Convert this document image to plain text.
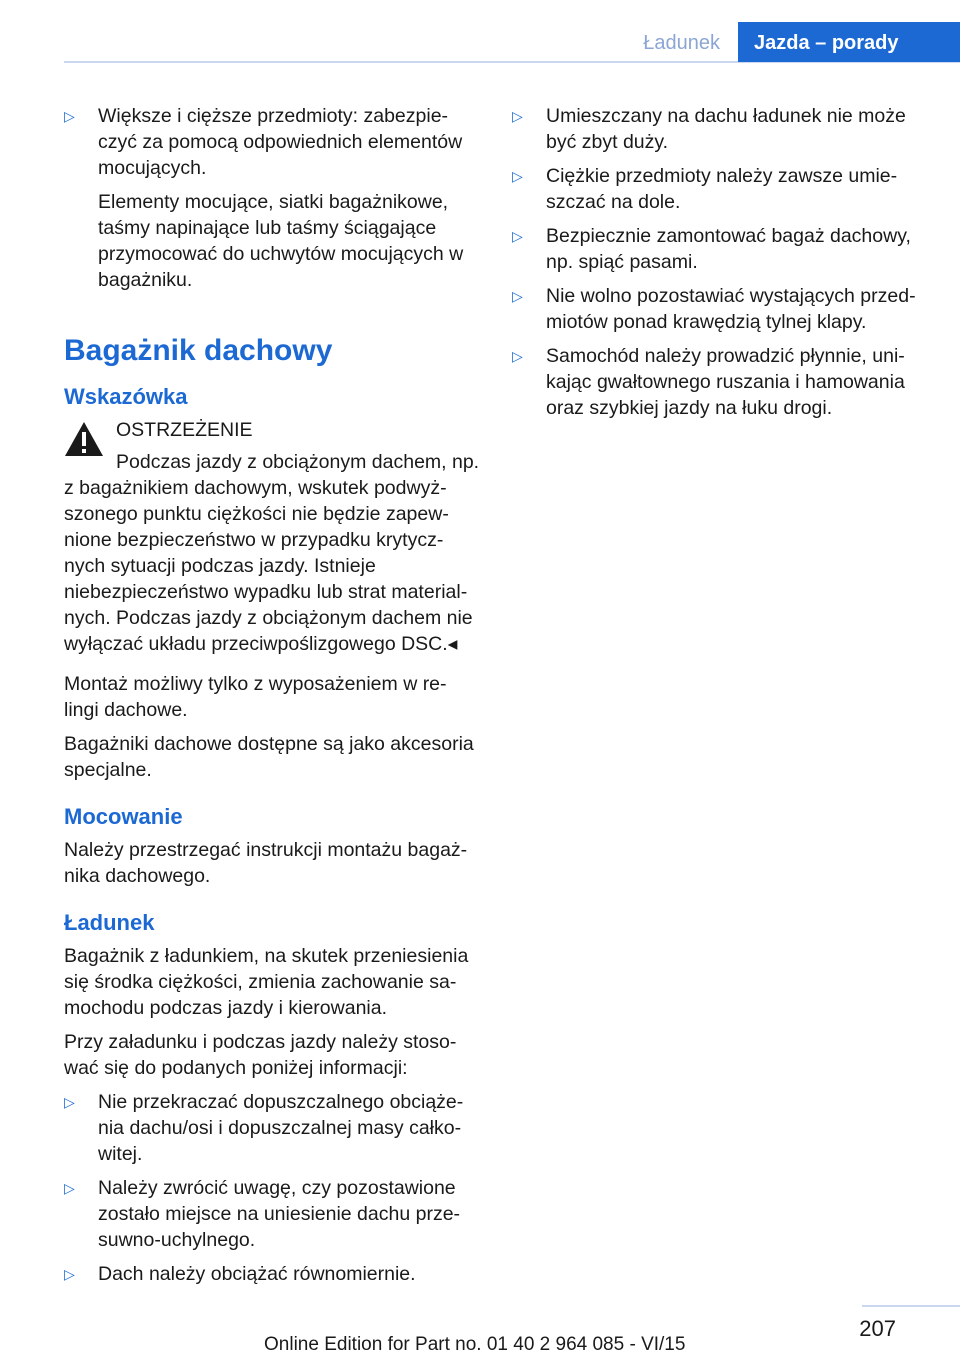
Ładunek	Jazda – porady
▷ Większe i cięższe przedmioty: zabezpie‐ czyć za pomocą odpowiednich elementów mocujących.
Elementy mocujące, siatki bagażnikowe, taśmy napinające lub taśmy ściągające przymocować do uchwytów mocujących w bagażniku.
Bagażnik dachowy
Wskazówka

OSTRZEŻENIE

Podczas jazdy z obciążonym dachem, np.
z bagażnikiem dachowym, wskutek podwyż‐ szonego punktu ciężkości nie będzie zapew‐ nione bezpieczeństwo w przypadku krytycz‐ nych sytuacji podczas jazdy. Istnieje niebezpieczeństwo wypadku lub strat material‐ nych. Podczas jazdy z obciążonym dachem nie wyłączać układu przeciwpoślizgowego DSC.◂

Montaż możliwy tylko z wyposażeniem w re‐ lingi dachowe.

Bagażniki dachowe dostępne są jako akcesoria specjalne.

Mocowanie

Należy przestrzegać instrukcji montażu bagaż‐ nika dachowego.

Ładunek

Bagażnik z ładunkiem, na skutek przeniesienia się środka ciężkości, zmienia zachowanie sa‐ mochodu podczas jazdy i kierowania.

Przy załadunku i podczas jazdy należy stoso‐ wać się do podanych poniżej informacji:

▷ Nie przekraczać dopuszczalnego obciąże‐ nia dachu/osi i dopuszczalnej masy całko‐ witej.
▷ Należy zwrócić uwagę, czy pozostawione zostało miejsce na uniesienie dachu prze‐ suwno-uchylnego.
▷ Dach należy obciążać równomiernie.
▷ Umieszczany na dachu ładunek nie może być zbyt duży.
▷ Ciężkie przedmioty należy zawsze umie‐ szczać na dole.
▷ Bezpiecznie zamontować bagaż dachowy, np. spiąć pasami.
▷ Nie wolno pozostawiać wystających przed‐ miotów ponad krawędzią tylnej klapy.
▷ Samochód należy prowadzić płynnie, uni‐ kając gwałtownego ruszania i hamowania oraz szybkiej jazdy na łuku drogi.
207
Online Edition for Part no. 01 40 2 964 085 - VI/15
